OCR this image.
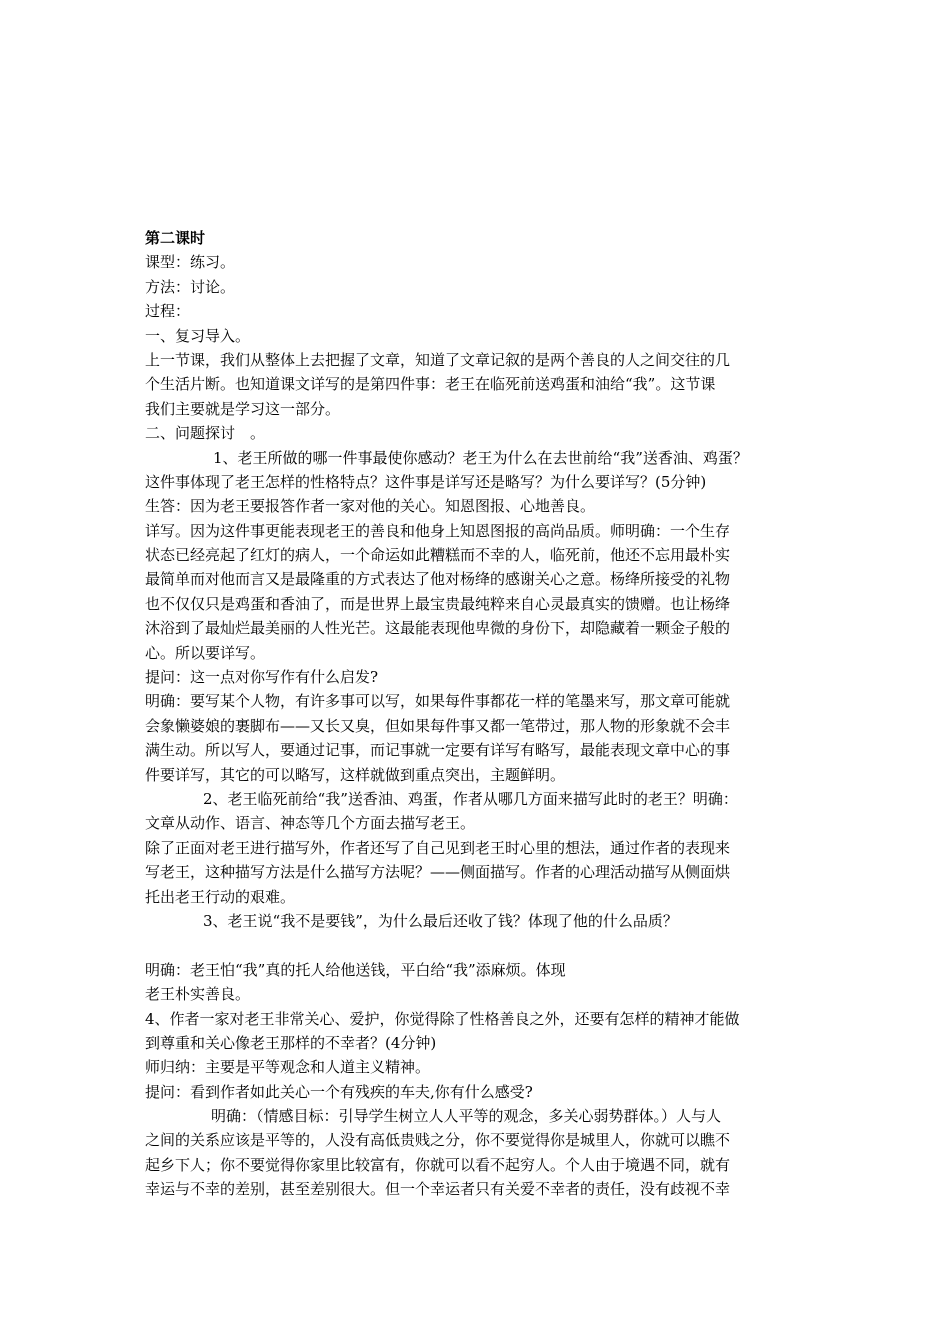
第二课时
课型：练习。
方法：讨论。
过程：
一、复习导入。
上一节课，我们从整体上去把握了文章，知道了文章记叙的是两个善良的人之间交往的几
个生活片断。也知道课文详写的是第四件事：老王在临死前送鸡蛋和油给“我”。这节课
我们主要就是学习这一部分。
二、问题探讨　。
1、老王所做的哪一件事最使你感动？老王为什么在去世前给“我”送香油、鸡蛋？
这件事体现了老王怎样的性格特点？这件事是详写还是略写？为什么要详写？(5分钟)
生答：因为老王要报答作者一家对他的关心。知恩图报、心地善良。
详写。因为这件事更能表现老王的善良和他身上知恩图报的高尚品质。师明确：一个生存
状态已经亮起了红灯的病人，一个命运如此糟糕而不幸的人，临死前，他还不忘用最朴实
最简单而对他而言又是最隆重的方式表达了他对杨绛的感谢关心之意。杨绛所接受的礼物
也不仅仅只是鸡蛋和香油了，而是世界上最宝贵最纯粹来自心灵最真实的馈赠。也让杨绛
沐浴到了最灿烂最美丽的人性光芒。这最能表现他卑微的身份下，却隐藏着一颗金子般的
心。所以要详写。
提问：这一点对你写作有什么启发?
明确：要写某个人物，有许多事可以写，如果每件事都花一样的笔墨来写，那文章可能就
会象懒婆娘的裹脚布——又长又臭，但如果每件事又都一笔带过，那人物的形象就不会丰
满生动。所以写人，要通过记事，而记事就一定要有详写有略写，最能表现文章中心的事
件要详写，其它的可以略写，这样就做到重点突出，主题鲜明。
2、老王临死前给“我”送香油、鸡蛋，作者从哪几方面来描写此时的老王？明确：
文章从动作、语言、神态等几个方面去描写老王。
除了正面对老王进行描写外，作者还写了自己见到老王时心里的想法，通过作者的表现来
写老王，这种描写方法是什么描写方法呢？——侧面描写。作者的心理活动描写从侧面烘
托出老王行动的艰难。
3、老王说“我不是要钱”，为什么最后还收了钱？体现了他的什么品质？
明确：老王怕“我”真的托人给他送钱，平白给“我”添麻烦。体现
老王朴实善良。
4、作者一家对老王非常关心、爱护，你觉得除了性格善良之外，还要有怎样的精神才能做
到尊重和关心像老王那样的不幸者？(4分钟)
师归纳：主要是平等观念和人道主义精神。
提问：看到作者如此关心一个有残疾的车夫,你有什么感受?
明确：（情感目标：引导学生树立人人平等的观念，多关心弱势群体。）人与人
之间的关系应该是平等的，人没有高低贵贱之分，你不要觉得你是城里人，你就可以瞧不
起乡下人；你不要觉得你家里比较富有，你就可以看不起穷人。个人由于境遇不同，就有
幸运与不幸的差别，甚至差别很大。但一个幸运者只有关爱不幸者的责任，没有歧视不幸
